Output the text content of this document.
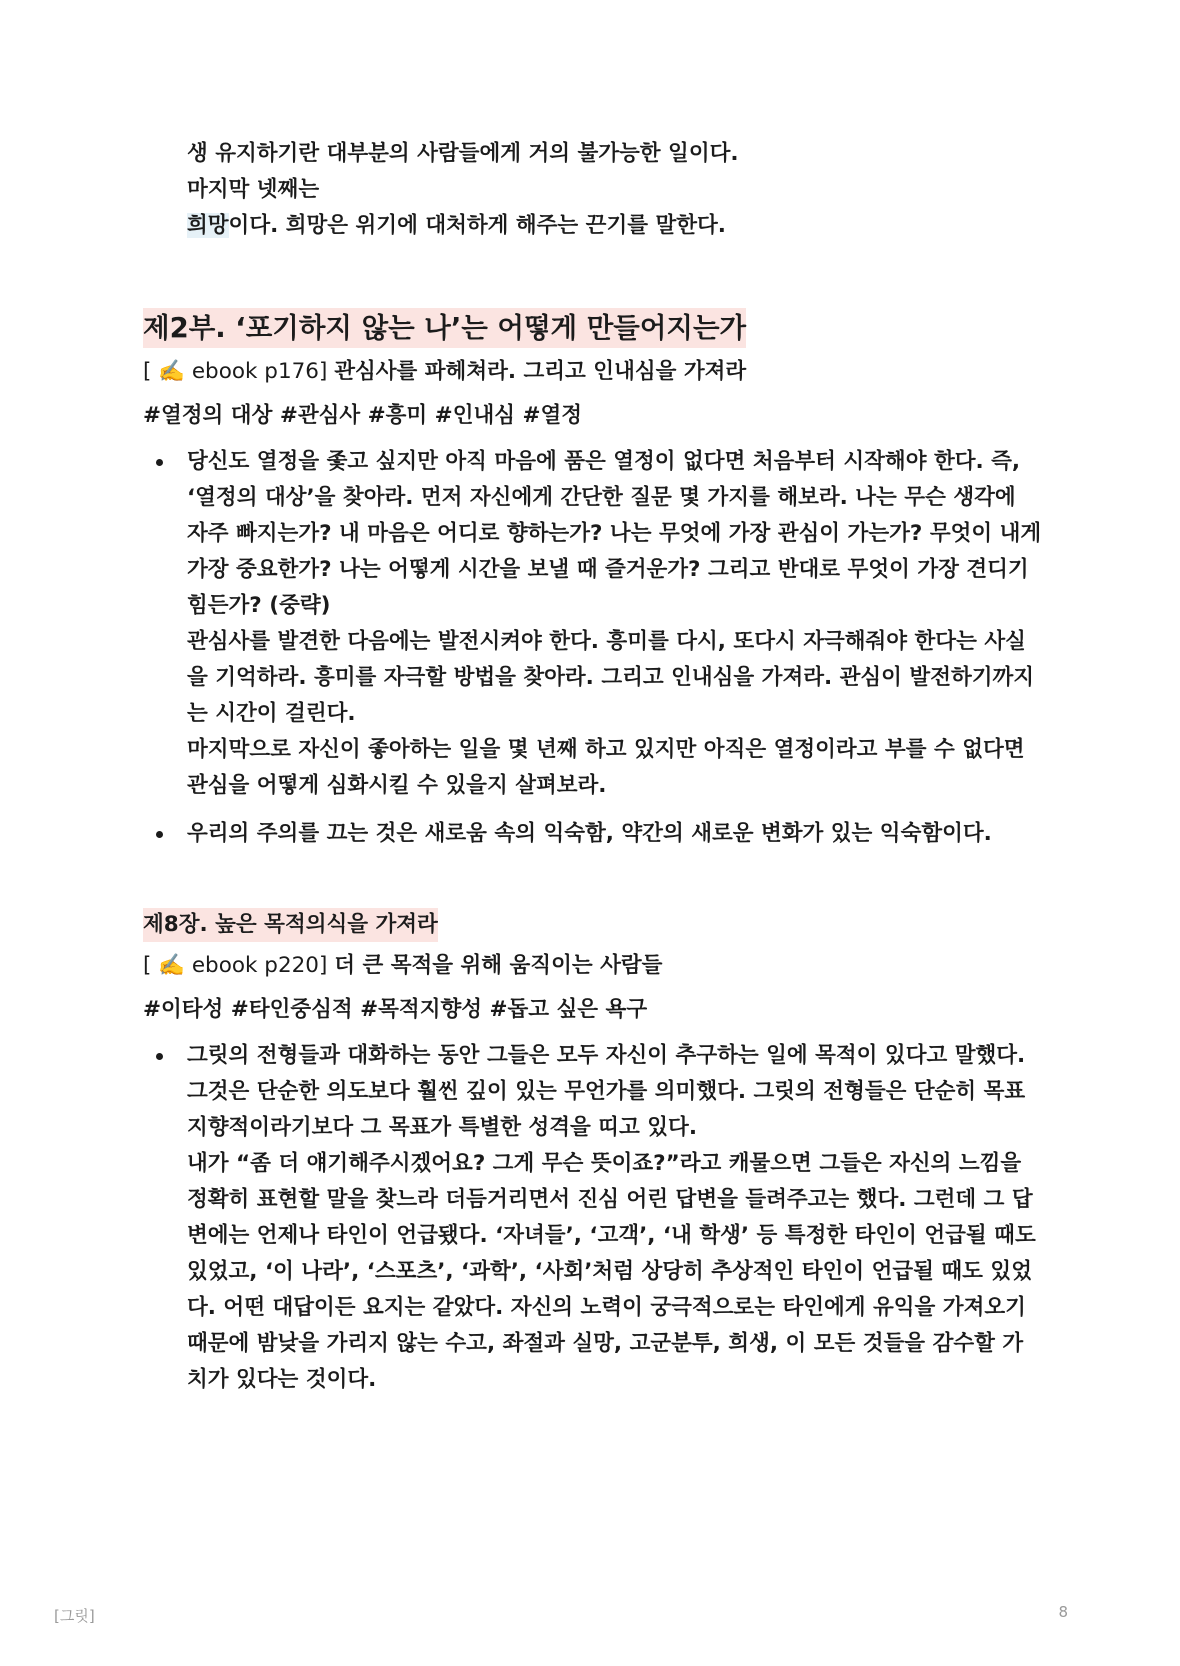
생 유지하기란 대부분의 사람들에게 거의 불가능한 일이다.

마지막 넷째는

희망이다. 희망은 위기에 대처하게 해주는 끈기를 말한다.

제2부. ‘포기하지 않는 나’는 어떻게 만들어지는가

[ ✍️ ebook p176] 관심사를 파헤쳐라. 그리고 인내심을 가져라

#열정의 대상 #관심사 #흥미 #인내심 #열정

당신도 열정을 좇고 싶지만 아직 마음에 품은 열정이 없다면 처음부터 시작해야 한다. 즉, ‘열정의 대상’을 찾아라. 먼저 자신에게 간단한 질문 몇 가지를 해보라. 나는 무슨 생각에 자주 빠지는가? 내 마음은 어디로 향하는가? 나는 무엇에 가장 관심이 가는가? 무엇이 내게 가장 중요한가? 나는 어떻게 시간을 보낼 때 즐거운가? 그리고 반대로 무엇이 가장 견디기 힘든가? (중략)
관심사를 발견한 다음에는 발전시켜야 한다. 흥미를 다시, 또다시 자극해줘야 한다는 사실을 기억하라. 흥미를 자극할 방법을 찾아라. 그리고 인내심을 가져라. 관심이 발전하기까지는 시간이 걸린다.
마지막으로 자신이 좋아하는 일을 몇 년째 하고 있지만 아직은 열정이라고 부를 수 없다면 관심을 어떻게 심화시킬 수 있을지 살펴보라.
우리의 주의를 끄는 것은 새로움 속의 익숙함, 약간의 새로운 변화가 있는 익숙함이다.
제8장. 높은 목적의식을 가져라

[ ✍️ ebook p220] 더 큰 목적을 위해 움직이는 사람들

#이타성 #타인중심적 #목적지향성 #돕고 싶은 욕구

그릿의 전형들과 대화하는 동안 그들은 모두 자신이 추구하는 일에 목적이 있다고 말했다. 그것은 단순한 의도보다 훨씬 깊이 있는 무언가를 의미했다. 그릿의 전형들은 단순히 목표지향적이라기보다 그 목표가 특별한 성격을 띠고 있다.
내가 “좀 더 얘기해주시겠어요? 그게 무슨 뜻이죠?”라고 캐물으면 그들은 자신의 느낌을 정확히 표현할 말을 찾느라 더듬거리면서 진심 어린 답변을 들려주고는 했다. 그런데 그 답변에는 언제나 타인이 언급됐다. ‘자녀들’, ‘고객’, ‘내 학생’ 등 특정한 타인이 언급될 때도 있었고, ‘이 나라’, ‘스포츠’, ‘과학’, ‘사회’처럼 상당히 추상적인 타인이 언급될 때도 있었다. 어떤 대답이든 요지는 같았다. 자신의 노력이 궁극적으로는 타인에게 유익을 가져오기 때문에 밤낮을 가리지 않는 수고, 좌절과 실망, 고군분투, 희생, 이 모든 것들을 감수할 가치가 있다는 것이다.
[그릿]	8
